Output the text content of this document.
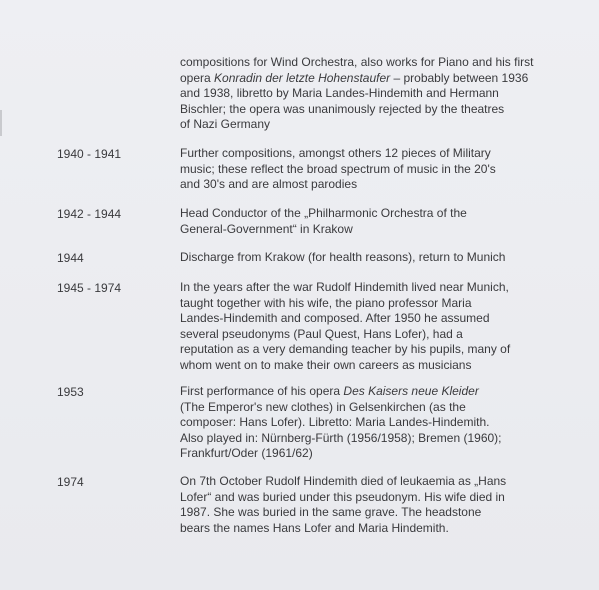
compositions for Wind Orchestra, also works for Piano and his first
opera Konradin der letzte Hohenstaufer – probably between 1936
and 1938, libretto by Maria Landes-Hindemith and Hermann
Bischler; the opera was unanimously rejected by the theatres
of Nazi Germany
1940 - 1941	Further compositions, amongst others 12 pieces of Military
music; these reflect the broad spectrum of music in the 20's
and 30's and are almost parodies
1942 - 1944	Head Conductor of the „Philharmonic Orchestra of the
General-Government“ in Krakow
1944	Discharge from Krakow (for health reasons), return to Munich
1945 - 1974	In the years after the war Rudolf Hindemith lived near Munich,
taught together with his wife, the piano professor Maria
Landes-Hindemith and composed. After 1950 he assumed
several pseudonyms (Paul Quest, Hans Lofer), had a
reputation as a very demanding teacher by his pupils, many of
whom went on to make their own careers as musicians
1953	First performance of his opera Des Kaisers neue Kleider
(The Emperor's new clothes) in Gelsenkirchen (as the
composer: Hans Lofer). Libretto: Maria Landes-Hindemith.
Also played in: Nürnberg-Fürth (1956/1958); Bremen (1960);
Frankfurt/Oder (1961/62)
1974	On 7th October Rudolf Hindemith died of leukaemia as „Hans
Lofer“ and was buried under this pseudonym. His wife died in
1987. She was buried in the same grave. The headstone
bears the names Hans Lofer and Maria Hindemith.
